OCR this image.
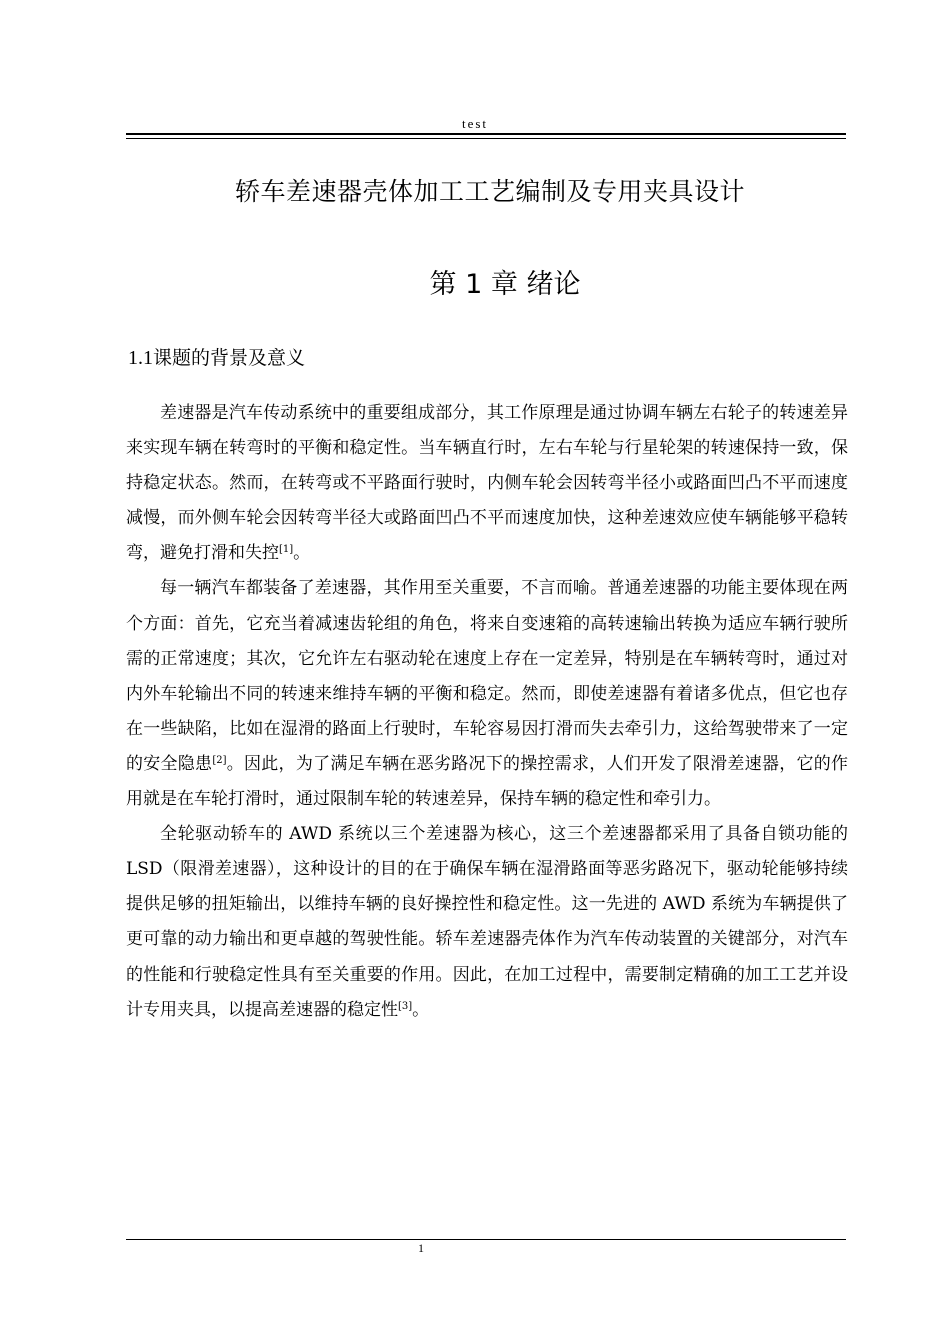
test
轿车差速器壳体加工工艺编制及专用夹具设计
第 1 章 绪论
1.1课题的背景及意义

差速器是汽车传动系统中的重要组成部分，其工作原理是通过协调车辆左右轮子的转速差异来实现车辆在转弯时的平衡和稳定性。当车辆直行时，左右车轮与行星轮架的转速保持一致，保持稳定状态。然而，在转弯或不平路面行驶时，内侧车轮会因转弯半径小或路面凹凸不平而速度减慢，而外侧车轮会因转弯半径大或路面凹凸不平而速度加快，这种差速效应使车辆能够平稳转弯，避免打滑和失控[1]。

每一辆汽车都装备了差速器，其作用至关重要，不言而喻。普通差速器的功能主要体现在两个方面：首先，它充当着减速齿轮组的角色，将来自变速箱的高转速输出转换为适应车辆行驶所需的正常速度；其次，它允许左右驱动轮在速度上存在一定差异，特别是在车辆转弯时，通过对内外车轮输出不同的转速来维持车辆的平衡和稳定。然而，即使差速器有着诸多优点，但它也存在一些缺陷，比如在湿滑的路面上行驶时，车轮容易因打滑而失去牵引力，这给驾驶带来了一定的安全隐患[2]。因此，为了满足车辆在恶劣路况下的操控需求，人们开发了限滑差速器，它的作用就是在车轮打滑时，通过限制车轮的转速差异，保持车辆的稳定性和牵引力。

全轮驱动轿车的 AWD 系统以三个差速器为核心，这三个差速器都采用了具备自锁功能的 LSD（限滑差速器），这种设计的目的在于确保车辆在湿滑路面等恶劣路况下，驱动轮能够持续提供足够的扭矩输出，以维持车辆的良好操控性和稳定性。这一先进的 AWD 系统为车辆提供了更可靠的动力输出和更卓越的驾驶性能。轿车差速器壳体作为汽车传动装置的关键部分，对汽车的性能和行驶稳定性具有至关重要的作用。因此，在加工过程中，需要制定精确的加工工艺并设计专用夹具，以提高差速器的稳定性[3]。

1
